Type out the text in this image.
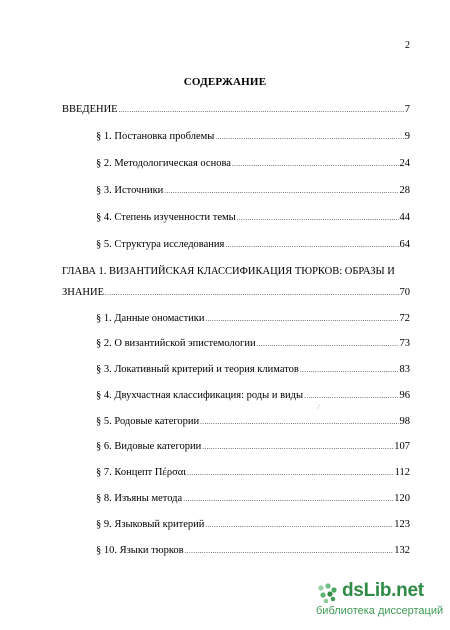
2
СОДЕРЖАНИЕ
ВВЕДЕНИЕ .....	7
§ 1. Постановка проблемы .....	9
§ 2. Методологическая основа .....	24
§ 3. Источники .....	28
§ 4. Степень изученности темы .....	44
§ 5. Структура исследования .....	64
ГЛАВА 1. ВИЗАНТИЙСКАЯ КЛАССИФИКАЦИЯ ТЮРКОВ: ОБРАЗЫ И
ЗНАНИЕ .....	70
§ 1. Данные ономастики .....	72
§ 2. О византийской эпистемологии .....	73
§ 3. Локативный критерий и теория климатов .....	83
§ 4. Двухчастная классификация: роды и виды .....	96
§ 5. Родовые категории .....	98
§ 6. Видовые категории .....	107
§ 7. Концепт Πέρσαι .....	112
§ 8. Изъяны метода .....	120
§ 9. Языковый критерий .....	123
§ 10. Языки тюрков .....	132
-`
dsLib.net
библиотека диссертаций
